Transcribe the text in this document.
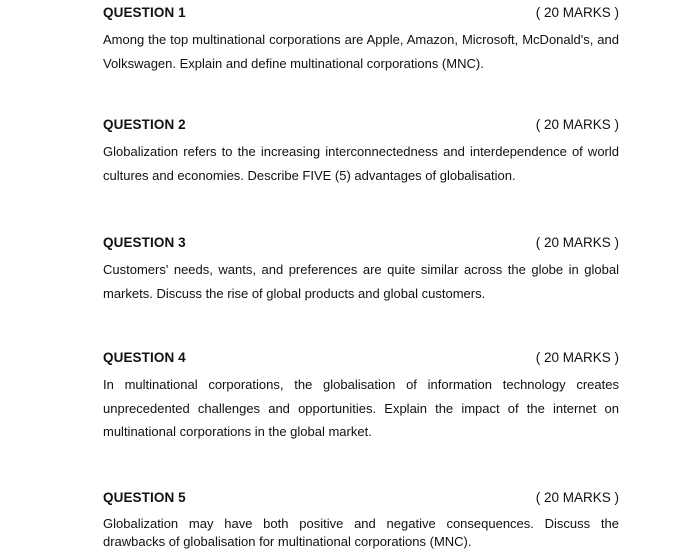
QUESTION 1	( 20 MARKS )

Among the top multinational corporations are Apple, Amazon, Microsoft, McDonald's, and Volkswagen. Explain and define multinational corporations (MNC).

QUESTION 2	( 20 MARKS )

Globalization refers to the increasing interconnectedness and interdependence of world cultures and economies. Describe FIVE (5) advantages of globalisation.

QUESTION 3	( 20 MARKS )

Customers' needs, wants, and preferences are quite similar across the globe in global markets. Discuss the rise of global products and global customers.

QUESTION 4	( 20 MARKS )

In multinational corporations, the globalisation of information technology creates unprecedented challenges and opportunities. Explain the impact of the internet on multinational corporations in the global market.

QUESTION 5	( 20 MARKS )

Globalization may have both positive and negative consequences. Discuss the drawbacks of globalisation for multinational corporations (MNC).
